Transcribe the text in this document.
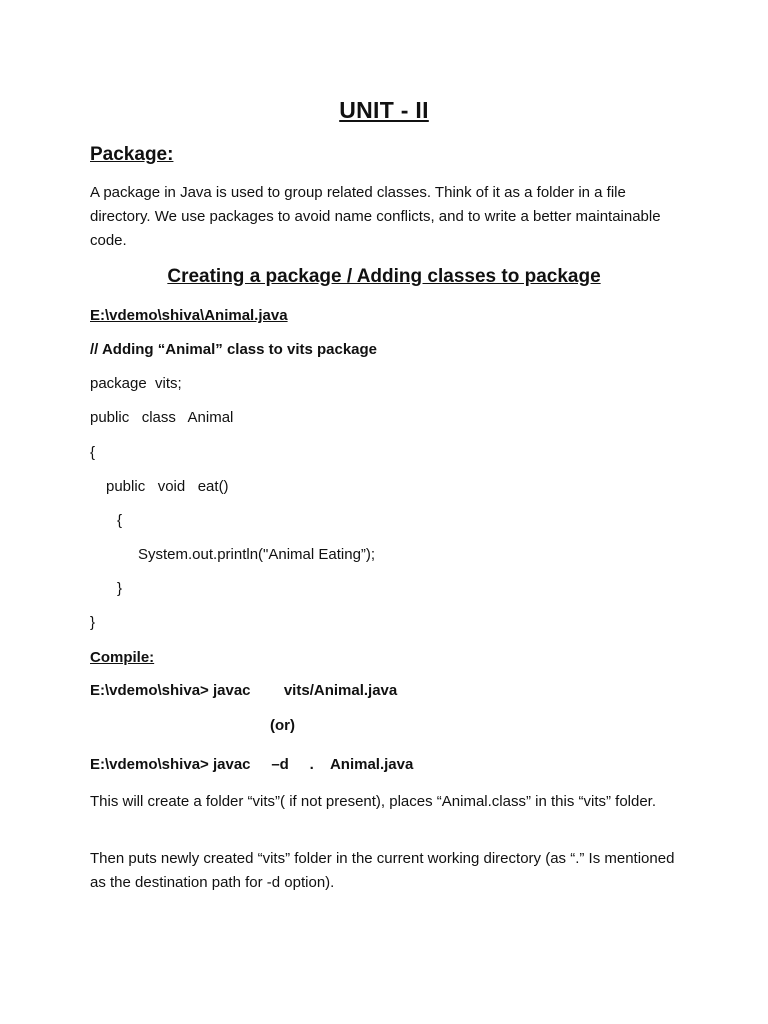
UNIT - II
Package:
A package in Java is used to group related classes. Think of it as a folder in a file directory. We use packages to avoid name conflicts, and to write a better maintainable code.
Creating a package / Adding classes to package
E:\vdemo\shiva\Animal.java
// Adding “Animal” class to vits package
package  vits;
public   class   Animal
{
public   void   eat()
{
System.out.println("Animal Eating”);
}
}
Compile:
E:\vdemo\shiva> javac        vits/Animal.java
(or)
E:\vdemo\shiva> javac     –d     .    Animal.java
This will create a folder “vits”( if not present), places “Animal.class” in this “vits” folder.
Then puts newly created “vits” folder in the current working directory (as “.” Is mentioned as the destination path for -d option).
